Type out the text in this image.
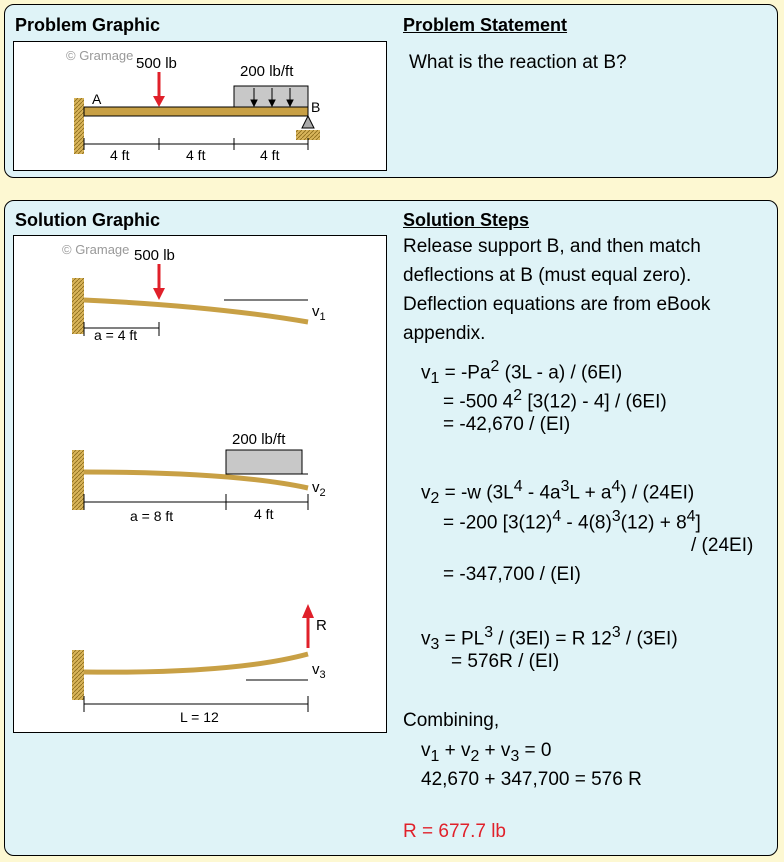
Problem Graphic	Problem Statement
What is the reaction at B?
© Gramage
A	B
500 lb	200 lb/ft
4 ft	4 ft	4 ft
Solution Graphic	Solution Steps
© Gramage 500 lb
$v_1$
a = 4 ft
200 lb/ft
$v_2$
a = 8 ft	4 ft
R
$v_3$
L = 12
Release support B, and then match
deflections at B (must equal zero).
Deflection equations are from eBook
appendix.
$v_1 = -Pa^2$ (3L - a) / (6EI)
= -500 $4^2$ [3(12) - 4] / (6EI)
= -42,670 / (EI)
$v_2 = -w$ $(3L^4 - 4a^3L + a^4) / (24EI)$
= -200 $[3(12)^4 - 4(8)^3(12) + 8^4]$
/ (24EI)
= -347,700 / (EI)
$v_3 = PL^3 / (3EI) = R$ $12^3 / (3EI)$
= 576R / (EI)
Combining,
$v_1 + v_2 + v_3 = 0$
42,670 + 347,700 = 576 R
R = 677.7 lb
